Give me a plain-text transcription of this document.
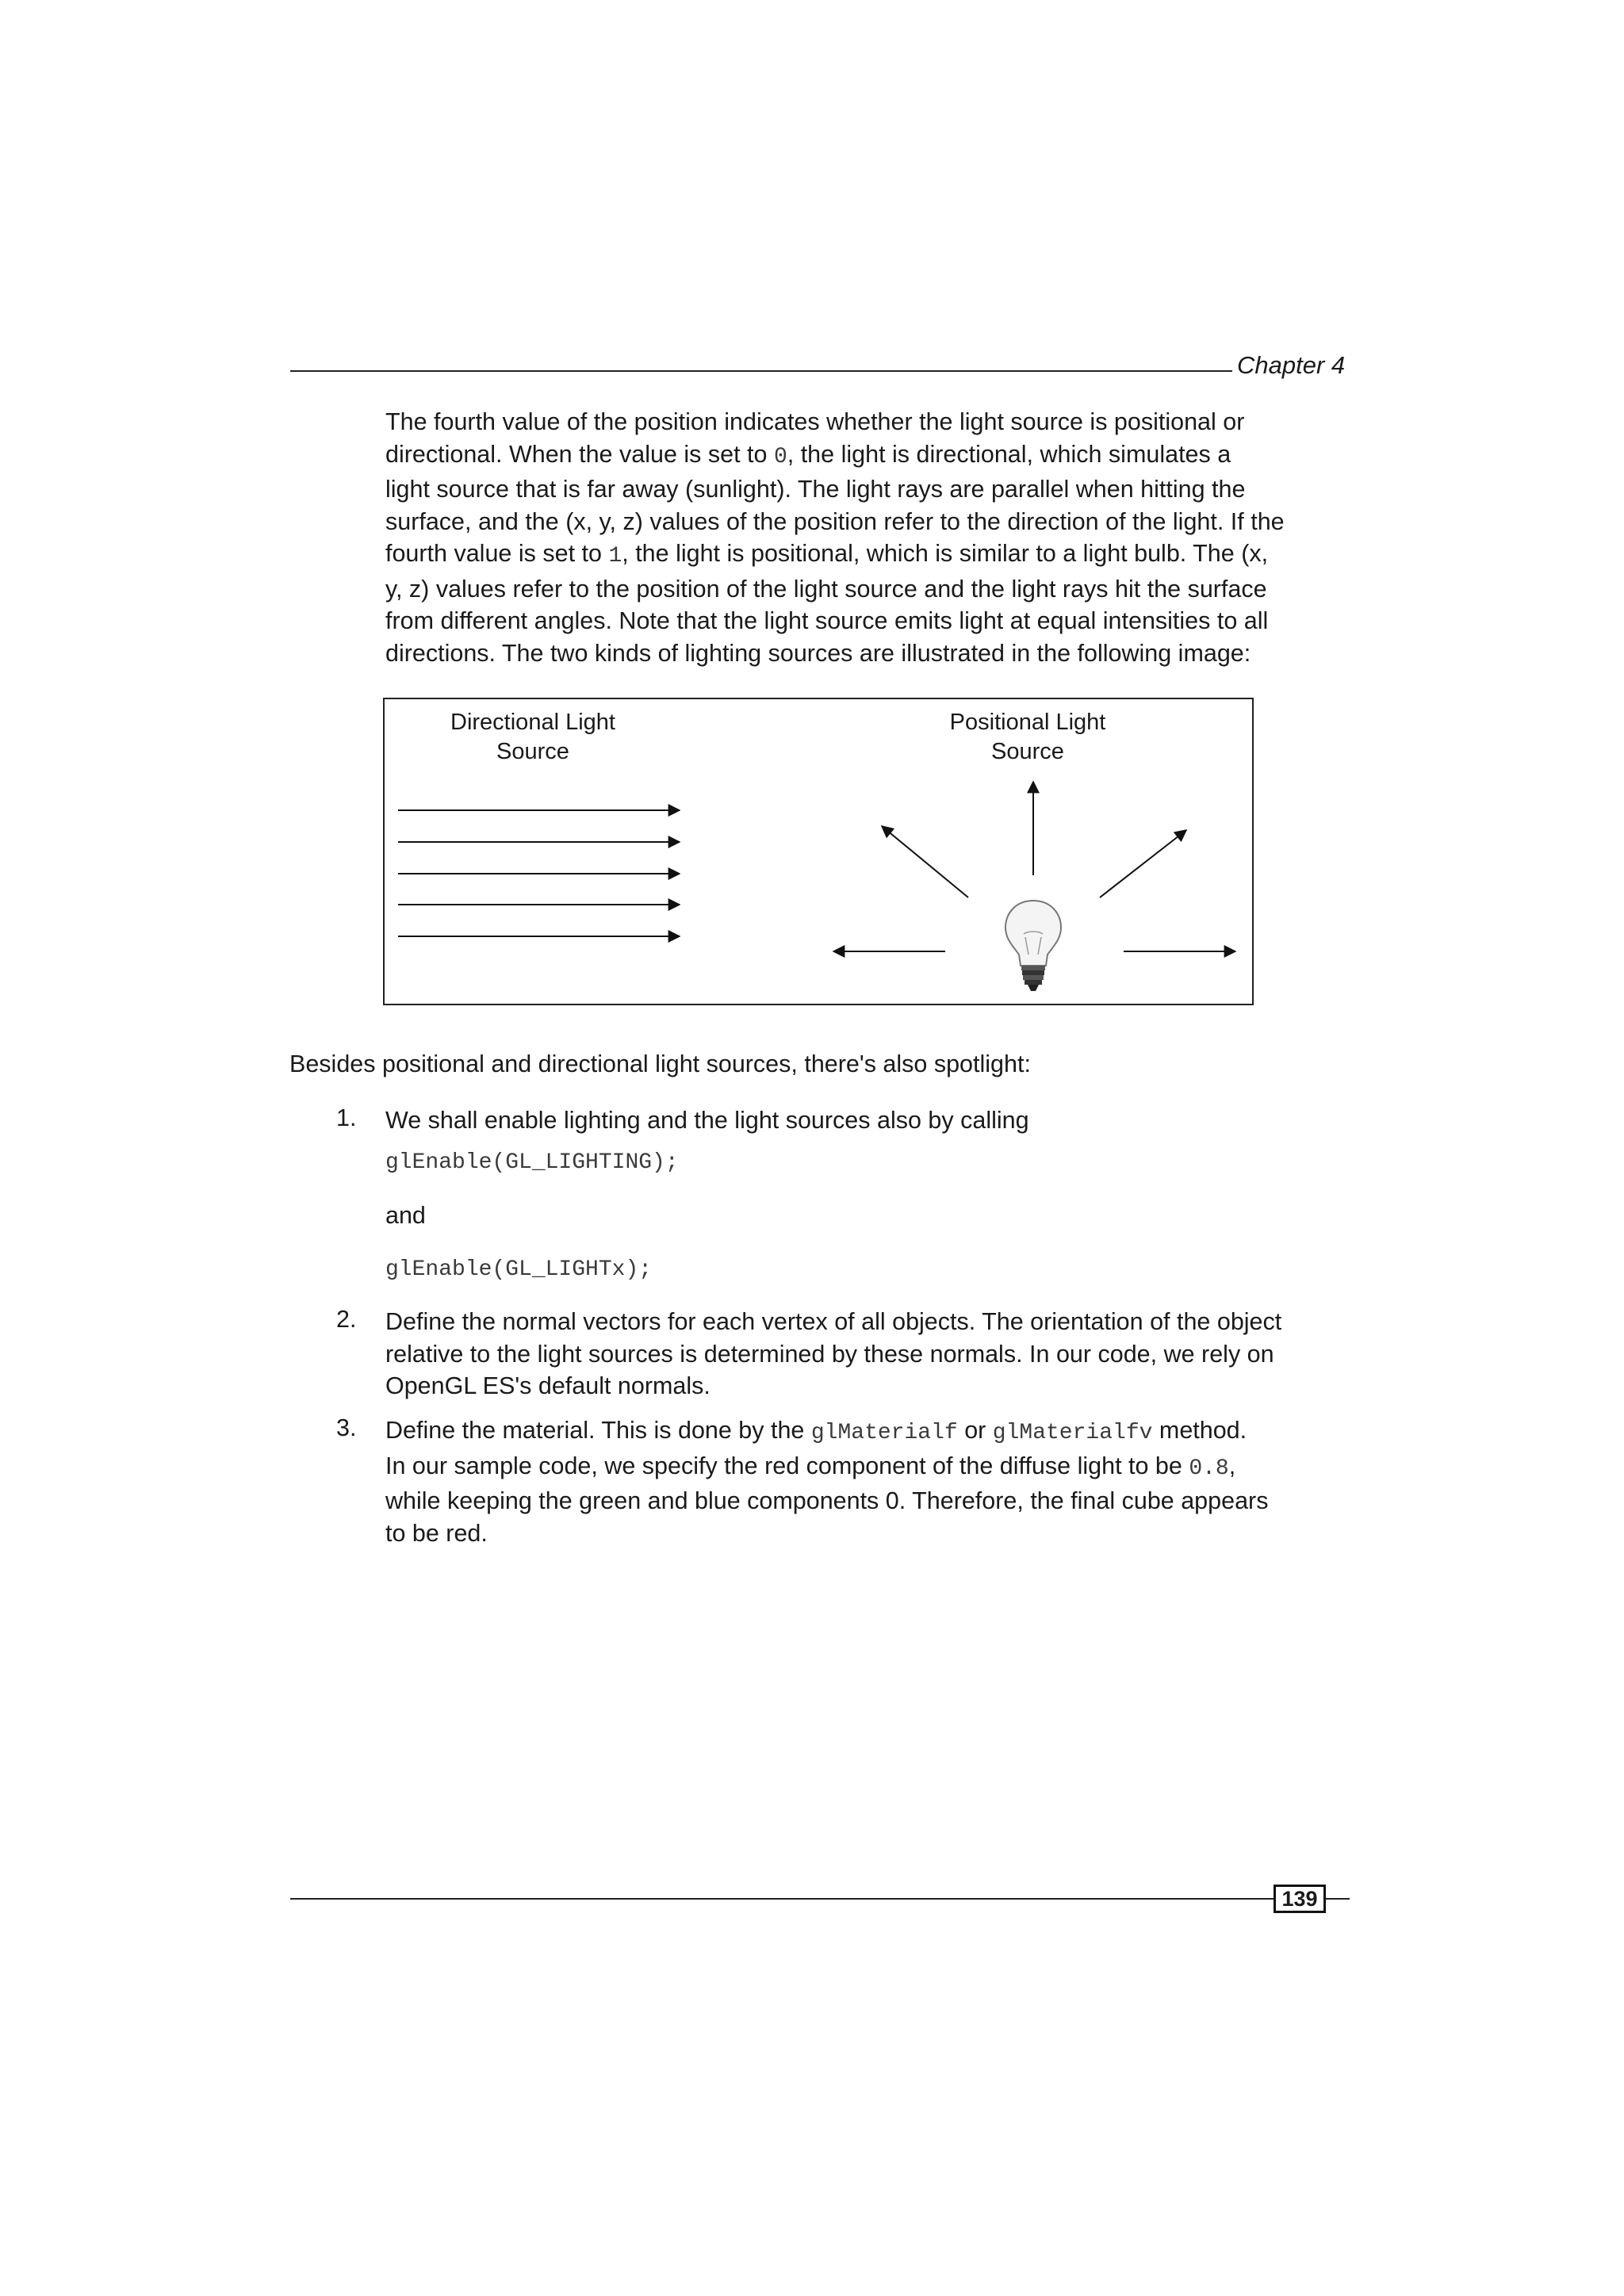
Chapter 4
The fourth value of the position indicates whether the light source is positional or
directional. When the value is set to 0, the light is directional, which simulates a
light source that is far away (sunlight). The light rays are parallel when hitting the
surface, and the (x, y, z) values of the position refer to the direction of the light. If the
fourth value is set to 1, the light is positional, which is similar to a light bulb. The (x,
y, z) values refer to the position of the light source and the light rays hit the surface
from different angles. Note that the light source emits light at equal intensities to all
directions. The two kinds of lighting sources are illustrated in the following image:
Directional Light
Source
Positional Light
Source
Besides positional and directional light sources, there's also spotlight:
1. We shall enable lighting and the light sources also by calling
glEnable(GL_LIGHTING);
and
glEnable(GL_LIGHTx);
2. Define the normal vectors for each vertex of all objects. The orientation of the object
relative to the light sources is determined by these normals. In our code, we rely on
OpenGL ES's default normals.
3. Define the material. This is done by the glMaterialf or glMaterialfv method.
In our sample code, we specify the red component of the diffuse light to be 0.8,
while keeping the green and blue components 0. Therefore, the final cube appears
to be red.
139
